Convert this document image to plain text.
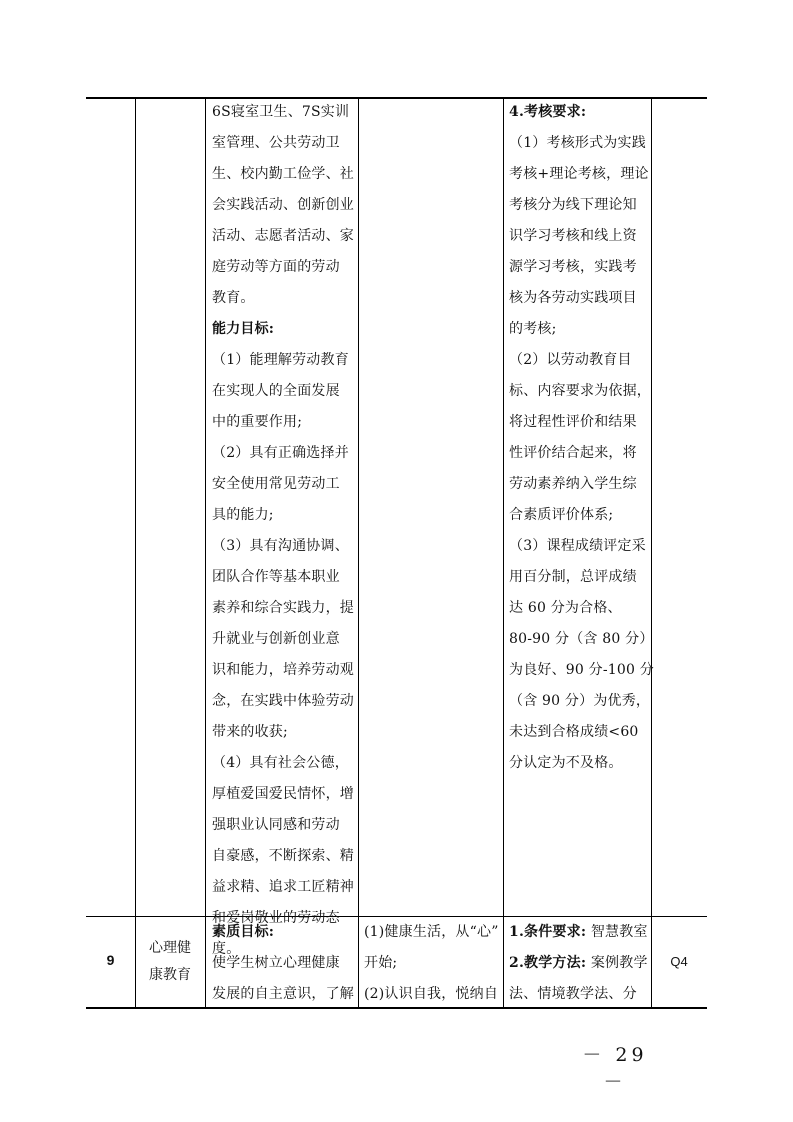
6S寝室卫生、7S实训
室管理、公共劳动卫
生、校内勤工俭学、社
会实践活动、创新创业
活动、志愿者活动、家
庭劳动等方面的劳动
教育。
能力目标:
（1）能理解劳动教育
在实现人的全面发展
中的重要作用;
（2）具有正确选择并
安全使用常见劳动工
具的能力;
（3）具有沟通协调、
团队合作等基本职业
素养和综合实践力，提
升就业与创新创业意
识和能力，培养劳动观
念，在实践中体验劳动
带来的收获;
（4）具有社会公德，
厚植爱国爱民情怀，增
强职业认同感和劳动
自豪感，不断探索、精
益求精、追求工匠精神
和爱岗敬业的劳动态
度。
4.考核要求:
（1）考核形式为实践
考核+理论考核，理论
考核分为线下理论知
识学习考核和线上资
源学习考核，实践考
核为各劳动实践项目
的考核;
（2）以劳动教育目
标、内容要求为依据，
将过程性评价和结果
性评价结合起来，将
劳动素养纳入学生综
合素质评价体系;
（3）课程成绩评定采
用百分制，总评成绩
达 60 分为合格、
80-90 分（含 80 分）
为良好、90 分-100 分
（含 90 分）为优秀，
未达到合格成绩<60
分认定为不及格。
9
心理健
康教育
素质目标:
使学生树立心理健康
发展的自主意识，了解
(1)健康生活，从“心”
开始;
(2)认识自我，悦纳自
1.条件要求: 智慧教室
2.教学方法: 案例教学
法、情境教学法、分
Q4
－ 29 －
